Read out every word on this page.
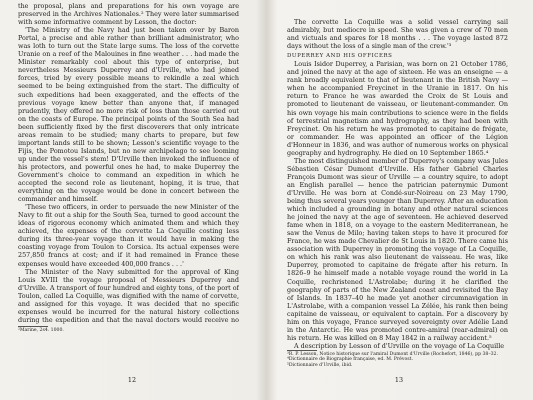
the proposal, plans and preparations for his own voyage are preserved in the Archives Nationales.² They were later summarised with some informative comment by Lesson, the doctor:

'The Ministry of the Navy had just been taken over by Baron Portal, a precise and able rather than brilliant administrator, who was loth to turn out the State large sums. The loss of the corvette Uranie on a reef of the Malouines in fine weather . . . had made the Minister remarkably cool about this type of enterprise, but nevertheless Messieurs Duperrey and d'Urville, who had joined forces, tried by every possible means to rekindle a zeal which seemed to be being extinguished from the start. The difficulty of such expeditions had been exaggerated, and the effects of the previous voyage knew better than anyone that, if managed prudently, they offered no more risk of loss than those carried out on the coasts of Europe. The principal points of the South Sea had been sufficiently fixed by the first discoverers that only intricate areas remain to be studied; many charts to prepare, but few important lands still to be shown; Lesson's scientific voyage to the Fijis, the Pomotou Islands, but no new archipelago to see looming up under the vessel's stem! D'Urville then invoked the influence of his protectors, and powerful ones he had, to make Duperrey the Government's choice to command an expedition in which he accepted the second role as lieutenant, hoping, it is true, that everything on the voyage would be done in concert between the commander and himself.

'These two officers, in order to persuade the new Minister of the Navy to fit out a ship for the South Sea, turned to good account the ideas of rigorous economy which animated them and which they achieved, the expenses of the corvette La Coquille costing less during its three-year voyage than it would have in making the coasting voyage from Toulon to Corsica. Its actual expenses were 257,850 francs at cost; and if it had remained in France these expenses would have exceeded 400,000 francs . . .'

The Minister of the Navy submitted for the approval of King Louis XVIII the voyage proposal of Messieurs Duperrey and d'Urville. A transport of four hundred and eighty tons, of the port of Toulon, called La Coquille, was dignified with the name of corvette, and assigned for this voyage. It was decided that no specific expenses would be incurred for the natural history collections during the expedition and that the naval doctors would receive no

²Marine, 2s4. 1000.
12

The corvette La Coquille was a solid vessel carrying sail admirably, but mediocre in speed. She was given a crew of 70 men and victuals and spares for 18 months . . . The voyage lasted 872 days without the loss of a single man of the crew.'³

DUPERREY AND HIS OFFICERS

Louis Isidor Duperrey, a Parisian, was born on 21 October 1786, and joined the navy at the age of sixteen. He was an enseigne — a rank broadly equivalent to that of lieutenant in the British Navy — when he accompanied Freycinet in the Uranie in 1817. On his return to France he was awarded the Croix de St Louis and promoted to lieutenant de vaisseau, or lieutenant-commander. On his own voyage his main contributions to science were in the fields of terrestrial magnetism and hydrography, as they had been with Freycinet. On his return he was promoted to capitaine de frégate, or commander. He was appointed an officer of the Légion d'Honneur in 1836, and was author of numerous works on physical geography and hydrography. He died on 10 September 1865.⁴

The most distinguished member of Duperrey's company was Jules Sébastien César Dumont d'Urville. His father Gabriel Charles François Dumont was sieur of Urville — a country squire, to adopt an English parallel — hence the patrician paternymic Dumont d'Urville. He was born at Condé-sur-Noireau on 23 May 1790, being thus several years younger than Duperrey. After an education which included a grounding in botany and other natural sciences he joined the navy at the age of seventeen. He achieved deserved fame when in 1818, on a voyage to the eastern Mediterranean, he saw the Venus de Milo; having taken steps to have it procured for France, he was made Chevalier de St Louis in 1820. There came his association with Duperrey in promoting the voyage of La Coquille, on which his rank was also lieutenant de vaisseau. He was, like Duperrey, promoted to capitaine de frégate after his return. In 1826–9 he himself made a notable voyage round the world in La Coquille, rechristened L'Astrolabe; during it he clarified the geography of parts of the New Zealand coast and revisited the Bay of Islands. In 1837–40 he made yet another circumnavigation in L'Astrolabe, with a companion vessel La Zélée, his rank then being capitaine de vaisseau, or equivalent to captain. For a discovery by him on this voyage, France surveyed sovereignty over Adélie Land in the Antarctic. He was promoted contre-amiral (rear-admiral) on his return. He was killed on 8 May 1842 in a railway accident.⁵

A description by Lesson of d'Urville on the voyage of La Coquille

³R. P. Lesson, Notice historique sur l'amiral Dumont d'Urville (Rochefort, 1846), pp 38–32.
⁴Dictionnaire de Biographie française, ed. M. Prévost.
⁵Dictionnaire d'Urville, ibid.
13
